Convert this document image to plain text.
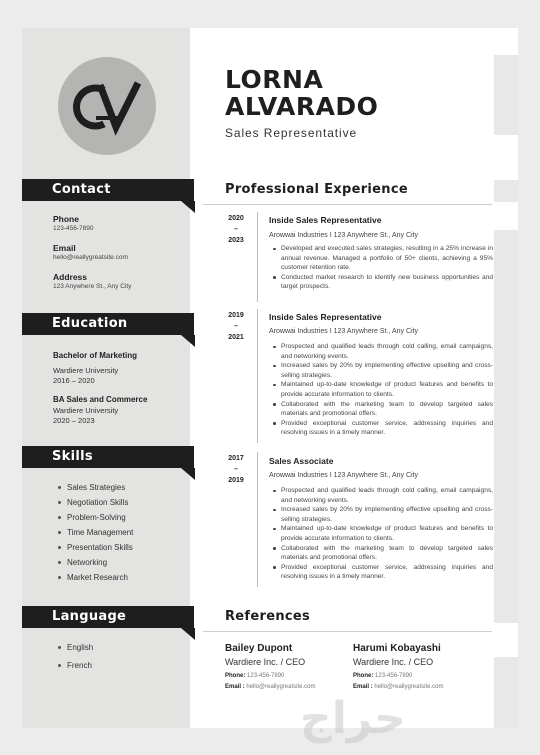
LORNA
ALVARADO
Sales Representative
Contact
Phone
123-456-7890
Email
hello@reallygreatsite.com
Address
123 Anywhere St., Any City
Education
Bachelor of Marketing
Wardiere University
2016 – 2020
BA Sales and Commerce
Wardiere University
2020 – 2023
Skills
Sales Strategies
Negotiation Skills
Problem-Solving
Time Management
Presentation Skills
Networking
Market Research
Language
English
French
Professional Experience
2020
–
2023
Inside Sales Representative
Arowwai Industries I 123 Anywhere St., Any City
Developed and executed sales strategies, resulting in a 25% increase in annual revenue. Managed a portfolio of 50+ clients, achieving a 95% customer retention rate.
Conducted market research to identify new business opportunities and target prospects.
2019
–
2021
Inside Sales Representative
Arowwai Industries I 123 Anywhere St., Any City
Prospected and qualified leads through cold calling, email campaigns, and networking events.
Increased sales by 20% by implementing effective upselling and cross-selling strategies.
Maintained up-to-date knowledge of product features and benefits to provide accurate information to clients.
Collaborated with the marketing team to develop targeted sales materials and promotional offers.
Provided exceptional customer service, addressing inquiries and resolving issues in a timely manner.
2017
–
2019
Sales Associate
Arowwai Industries I 123 Anywhere St., Any City
Prospected and qualified leads through cold calling, email campaigns, and networking events.
Increased sales by 20% by implementing effective upselling and cross-selling strategies.
Maintained up-to-date knowledge of product features and benefits to provide accurate information to clients.
Collaborated with the marketing team to develop targeted sales materials and promotional offers.
Provided exceptional customer service, addressing inquiries and resolving issues in a timely manner.
References
Bailey Dupont
Wardiere Inc. / CEO
Phone: 123-456-7890
Email : hello@reallygreatsite.com
Harumi Kobayashi
Wardiere Inc. / CEO
Phone: 123-456-7890
Email : hello@reallygreatsite.com
حراج
